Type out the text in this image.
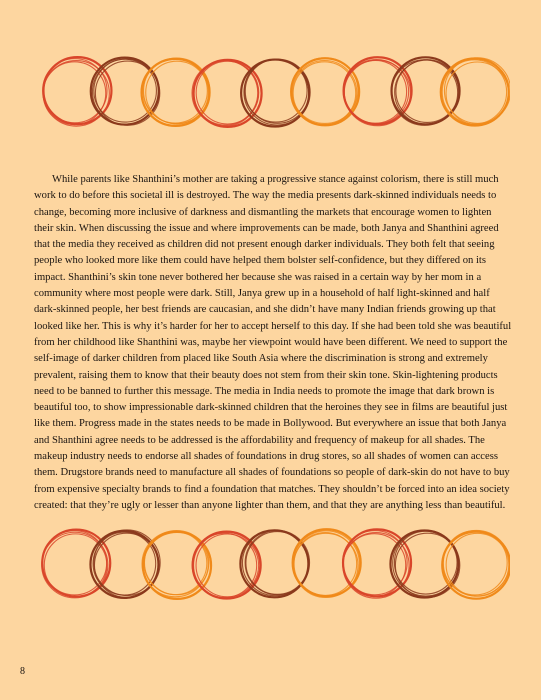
While parents like Shanthini’s mother are taking a progressive stance against colorism, there is still much work to do before this societal ill is destroyed. The way the media presents dark-skinned individuals needs to change, becoming more inclusive of darkness and dismantling the markets that encourage women to lighten their skin. When discussing the issue and where improvements can be made, both Janya and Shanthini agreed that the media they received as children did not present enough darker individuals. They both felt that seeing people who looked more like them could have helped them bolster self-confidence, but they differed on its impact. Shanthini’s skin tone never bothered her because she was raised in a certain way by her mom in a community where most people were dark. Still, Janya grew up in a household of half light-skinned and half dark-skinned people, her best friends are caucasian, and she didn’t have many Indian friends growing up that looked like her. This is why it’s harder for her to accept herself to this day. If she had been told she was beautiful from her childhood like Shanthini was, maybe her viewpoint would have been different. We need to support the self-image of darker children from placed like South Asia where the discrimination is strong and extremely prevalent, raising them to know that their beauty does not stem from their skin tone. Skin-lightening products need to be banned to further this message. The media in India needs to promote the image that dark brown is beautiful too, to show impressionable dark-skinned children that the heroines they see in films are beautiful just like them. Progress made in the states needs to be made in Bollywood. But everywhere an issue that both Janya and Shanthini agree needs to be addressed is the affordability and frequency of makeup for all shades. The makeup industry needs to endorse all shades of foundations in drug stores, so all shades of women can access them. Drugstore brands need to manufacture all shades of foundations so people of dark-skin do not have to buy from expensive specialty brands to find a foundation that matches. They shouldn’t be forced into an idea society created: that they’re ugly or lesser than anyone lighter than them, and that they are anything less than beautiful.

8
